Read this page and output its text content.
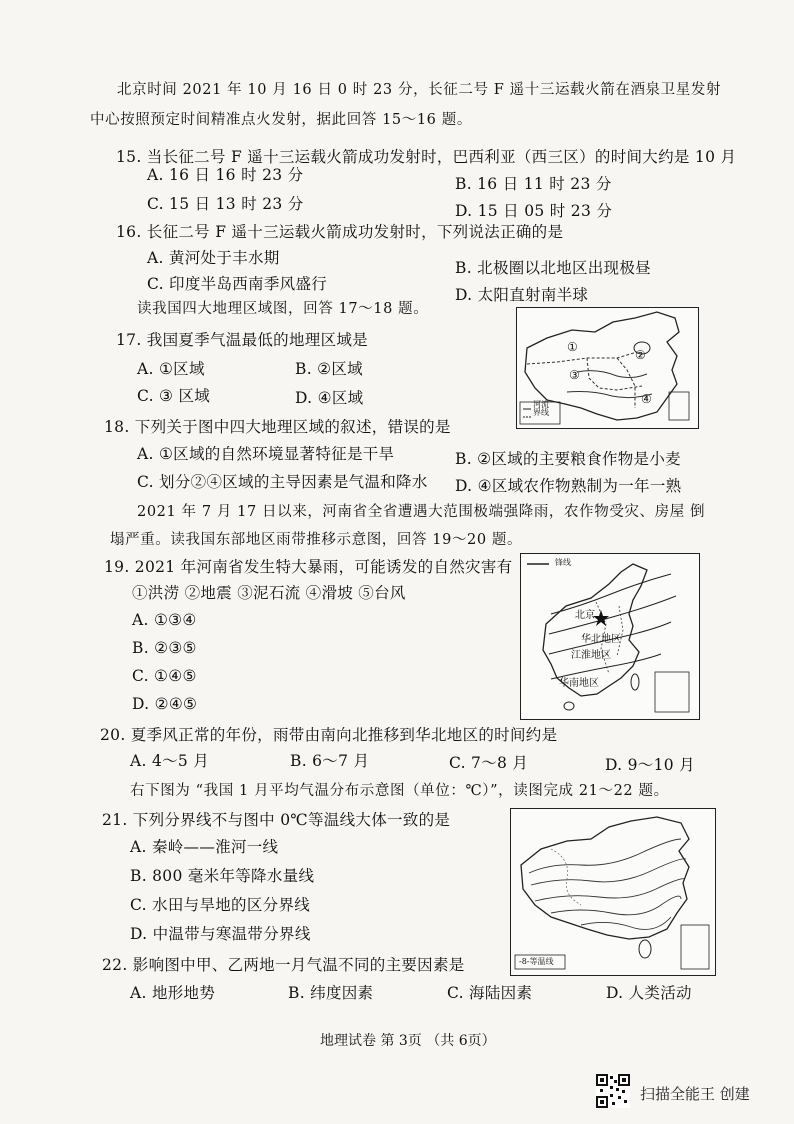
北京时间 2021 年 10 月 16 日 0 时 23 分，长征二号 F 遥十三运载火箭在酒泉卫星发射
中心按照预定时间精准点火发射，据此回答 15～16 题。
15. 当长征二号 F 遥十三运载火箭成功发射时，巴西利亚（西三区）的时间大约是 10 月
A. 16 日 16 时 23 分	B. 16 日 11 时 23 分
C. 15 日 13 时 23 分	D. 15 日 05 时 23 分
16. 长征二号 F 遥十三运载火箭成功发射时，下列说法正确的是
A. 黄河处于丰水期
B. 北极圈以北地区出现极昼
C. 印度半岛西南季风盛行
D. 太阳直射南半球
读我国四大地理区域图，回答 17～18 题。
河流
界线
①
②
③
④
17. 我国夏季气温最低的地理区域是
A. ①区域	B. ②区域
C. ③ 区域	D. ④区域
18. 下列关于图中四大地理区域的叙述，错误的是
A. ①区域的自然环境显著特征是干旱	B. ②区域的主要粮食作物是小麦
C. 划分②④区域的主导因素是气温和降水 D. ④区域农作物熟制为一年一熟
2021 年 7 月 17 日以来，河南省全省遭遇大范围极端强降雨，农作物受灾、房屋 倒
塌严重。读我国东部地区雨带推移示意图，回答 19～20 题。
锋线
北京
华北地区
江淮地区
华南地区
19. 2021 年河南省发生特大暴雨，可能诱发的自然灾害有
①洪涝 ②地震 ③泥石流 ④滑坡 ⑤台风
A. ①③④
B. ②③⑤
C. ①④⑤
D. ②④⑤
20. 夏季风正常的年份，雨带由南向北推移到华北地区的时间约是
A. 4～5 月	B. 6～7 月	C. 7～8 月	D. 9～10 月
右下图为 “我国 1 月平均气温分布示意图（单位：℃）”，读图完成 21～22 题。
-8-等温线
21. 下列分界线不与图中 0℃等温线大体一致的是
A. 秦岭——淮河一线
B. 800 毫米年等降水量线
C. 水田与旱地的区分界线
D. 中温带与寒温带分界线
22. 影响图中甲、乙两地一月气温不同的主要因素是
A. 地形地势	B. 纬度因素	C. 海陆因素	D. 人类活动
地理试卷 第 3页 （共 6页）
扫描全能王 创建
